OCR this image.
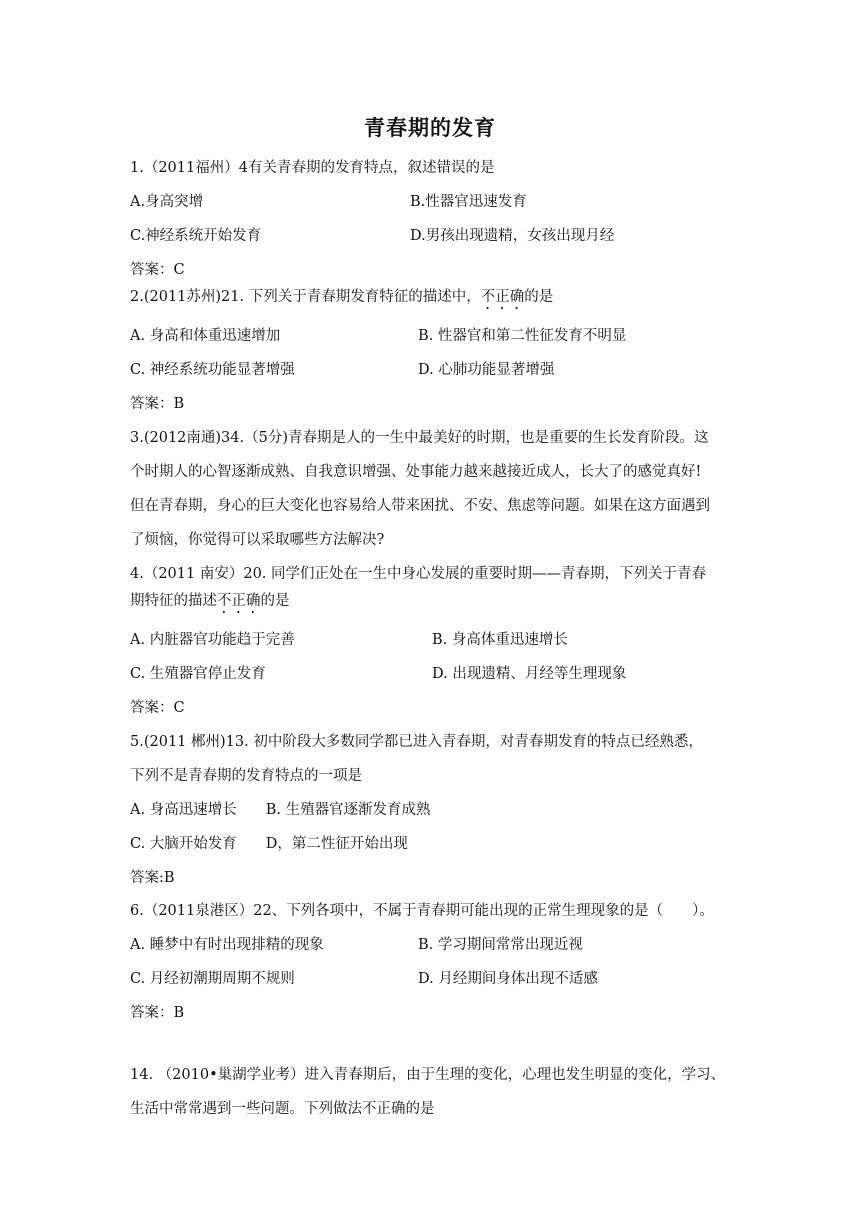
青春期的发育
1.（2011福州）4有关青春期的发育特点，叙述错误的是
A.身高突增	B.性器官迅速发育
C.神经系统开始发育	D.男孩出现遗精，女孩出现月经
答案：C
2.(2011苏州)21. 下列关于青春期发育特征的描述中，不正确的是
A. 身高和体重迅速增加	B. 性器官和第二性征发育不明显
C. 神经系统功能显著增强	D. 心肺功能显著增强
答案：B
3.(2012南通)34.（5分)青春期是人的一生中最美好的时期，也是重要的生长发育阶段。这
个时期人的心智逐渐成熟、自我意识增强、处事能力越来越接近成人，长大了的感觉真好!
但在青春期，身心的巨大变化也容易给人带来困扰、不安、焦虑等问题。如果在这方面遇到
了烦恼，你觉得可以采取哪些方法解决?
4.（2011 南安）20. 同学们正处在一生中身心发展的重要时期——青春期，下列关于青春
期特征的描述不正确的是
A. 内脏器官功能趋于完善	B. 身高体重迅速增长
C. 生殖器官停止发育	D. 出现遗精、月经等生理现象
答案：C
5.(2011 郴州)13. 初中阶段大多数同学都已进入青春期，对青春期发育的特点已经熟悉，
下列不是青春期的发育特点的一项是
A. 身高迅速增长　　B. 生殖器官逐渐发育成熟
C. 大脑开始发育　　D，第二性征开始出现
答案:B
6.（2011泉港区）22、下列各项中，不属于青春期可能出现的正常生理现象的是（　　）。
A. 睡梦中有时出现排精的现象	B. 学习期间常常出现近视
C. 月经初潮期周期不规则	D. 月经期间身体出现不适感
答案：B
14. （2010•巢湖学业考）进入青春期后，由于生理的变化，心理也发生明显的变化，学习、
生活中常常遇到一些问题。下列做法不正确的是
